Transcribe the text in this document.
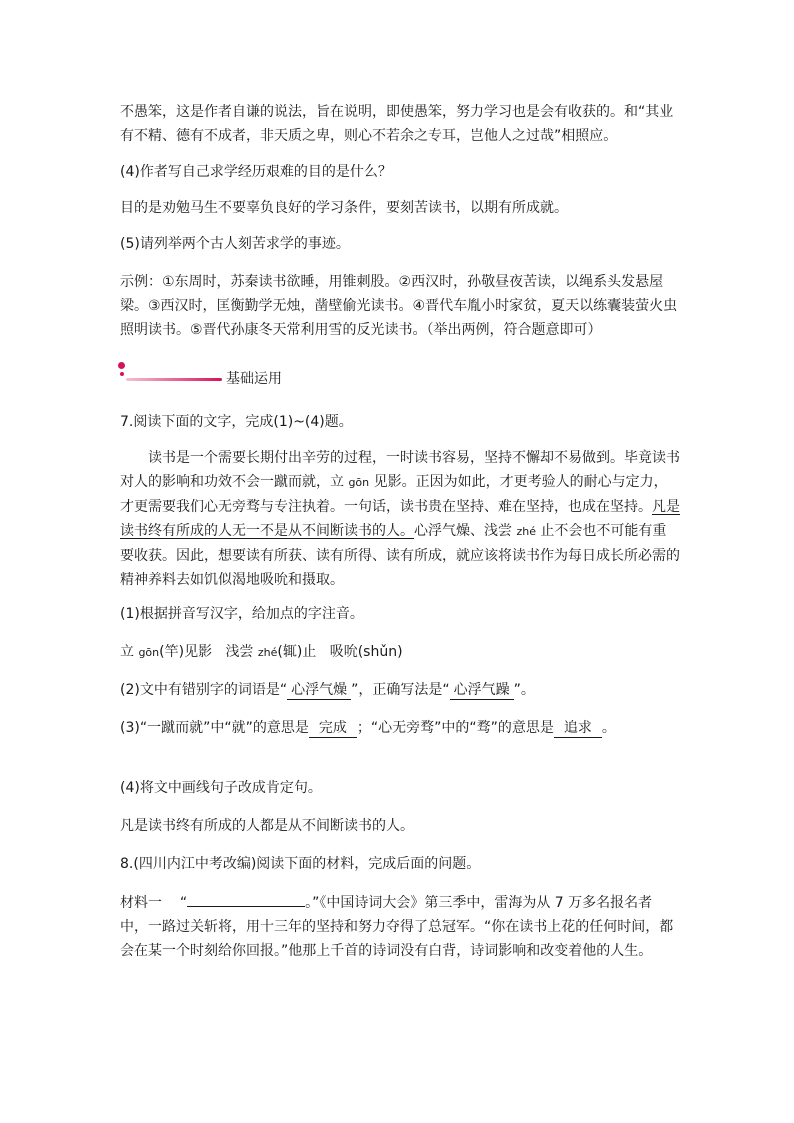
不愚笨，这是作者自谦的说法，旨在说明，即使愚笨，努力学习也是会有收获的。和“其业有不精、德有不成者，非天质之卑，则心不若余之专耳，岂他人之过哉”相照应。

(4)作者写自己求学经历艰难的目的是什么？

目的是劝勉马生不要辜负良好的学习条件，要刻苦读书，以期有所成就。

(5)请列举两个古人刻苦求学的事迹。

示例：①东周时，苏秦读书欲睡，用锥刺股。②西汉时，孙敬昼夜苦读，以绳系头发悬屋梁。③西汉时，匡衡勤学无烛，凿壁偷光读书。④晋代车胤小时家贫，夏天以练囊装萤火虫照明读书。⑤晋代孙康冬天常利用雪的反光读书。（举出两例，符合题意即可）

基础运用

7.阅读下面的文字，完成(1)~(4)题。

读书是一个需要长期付出辛劳的过程，一时读书容易，坚持不懈却不易做到。毕竟读书对人的影响和功效不会一蹴而就，立 gōn 见影。正因为如此，才更考验人的耐心与定力，才更需要我们心无旁骛与专注执着。一句话，读书贵在坚持、难在坚持，也成在坚持。凡是读书终有所成的人无一不是从不间断读书的人。心浮气燥、浅尝 zhé 止不会也不可能有重要收获。因此，想要读有所获、读有所得、读有所成，就应该将读书作为每日成长所必需的精神养料去如饥似渴地吸吮和摄取。

(1)根据拼音写汉字，给加点的字注音。

立 gōn(竿)见影 浅尝 zhé(辄)止 吸吮(shǔn)

(2)文中有错别字的词语是“ 心浮气燥 ”，正确写法是“ 心浮气躁 ”。

(3)“一蹴而就”中“就”的意思是 完成 ；“心无旁骛”中的“骛”的意思是 追求 。

(4)将文中画线句子改成肯定句。

凡是读书终有所成的人都是从不间断读书的人。

8.(四川内江中考改编)阅读下面的材料，完成后面的问题。

材料一 “	。”《中国诗词大会》第三季中，雷海为从 7 万多名报名者中，一路过关斩将，用十三年的坚持和努力夺得了总冠军。“你在读书上花的任何时间，都会在某一个时刻给你回报。”他那上千首的诗词没有白背，诗词影响和改变着他的人生。
